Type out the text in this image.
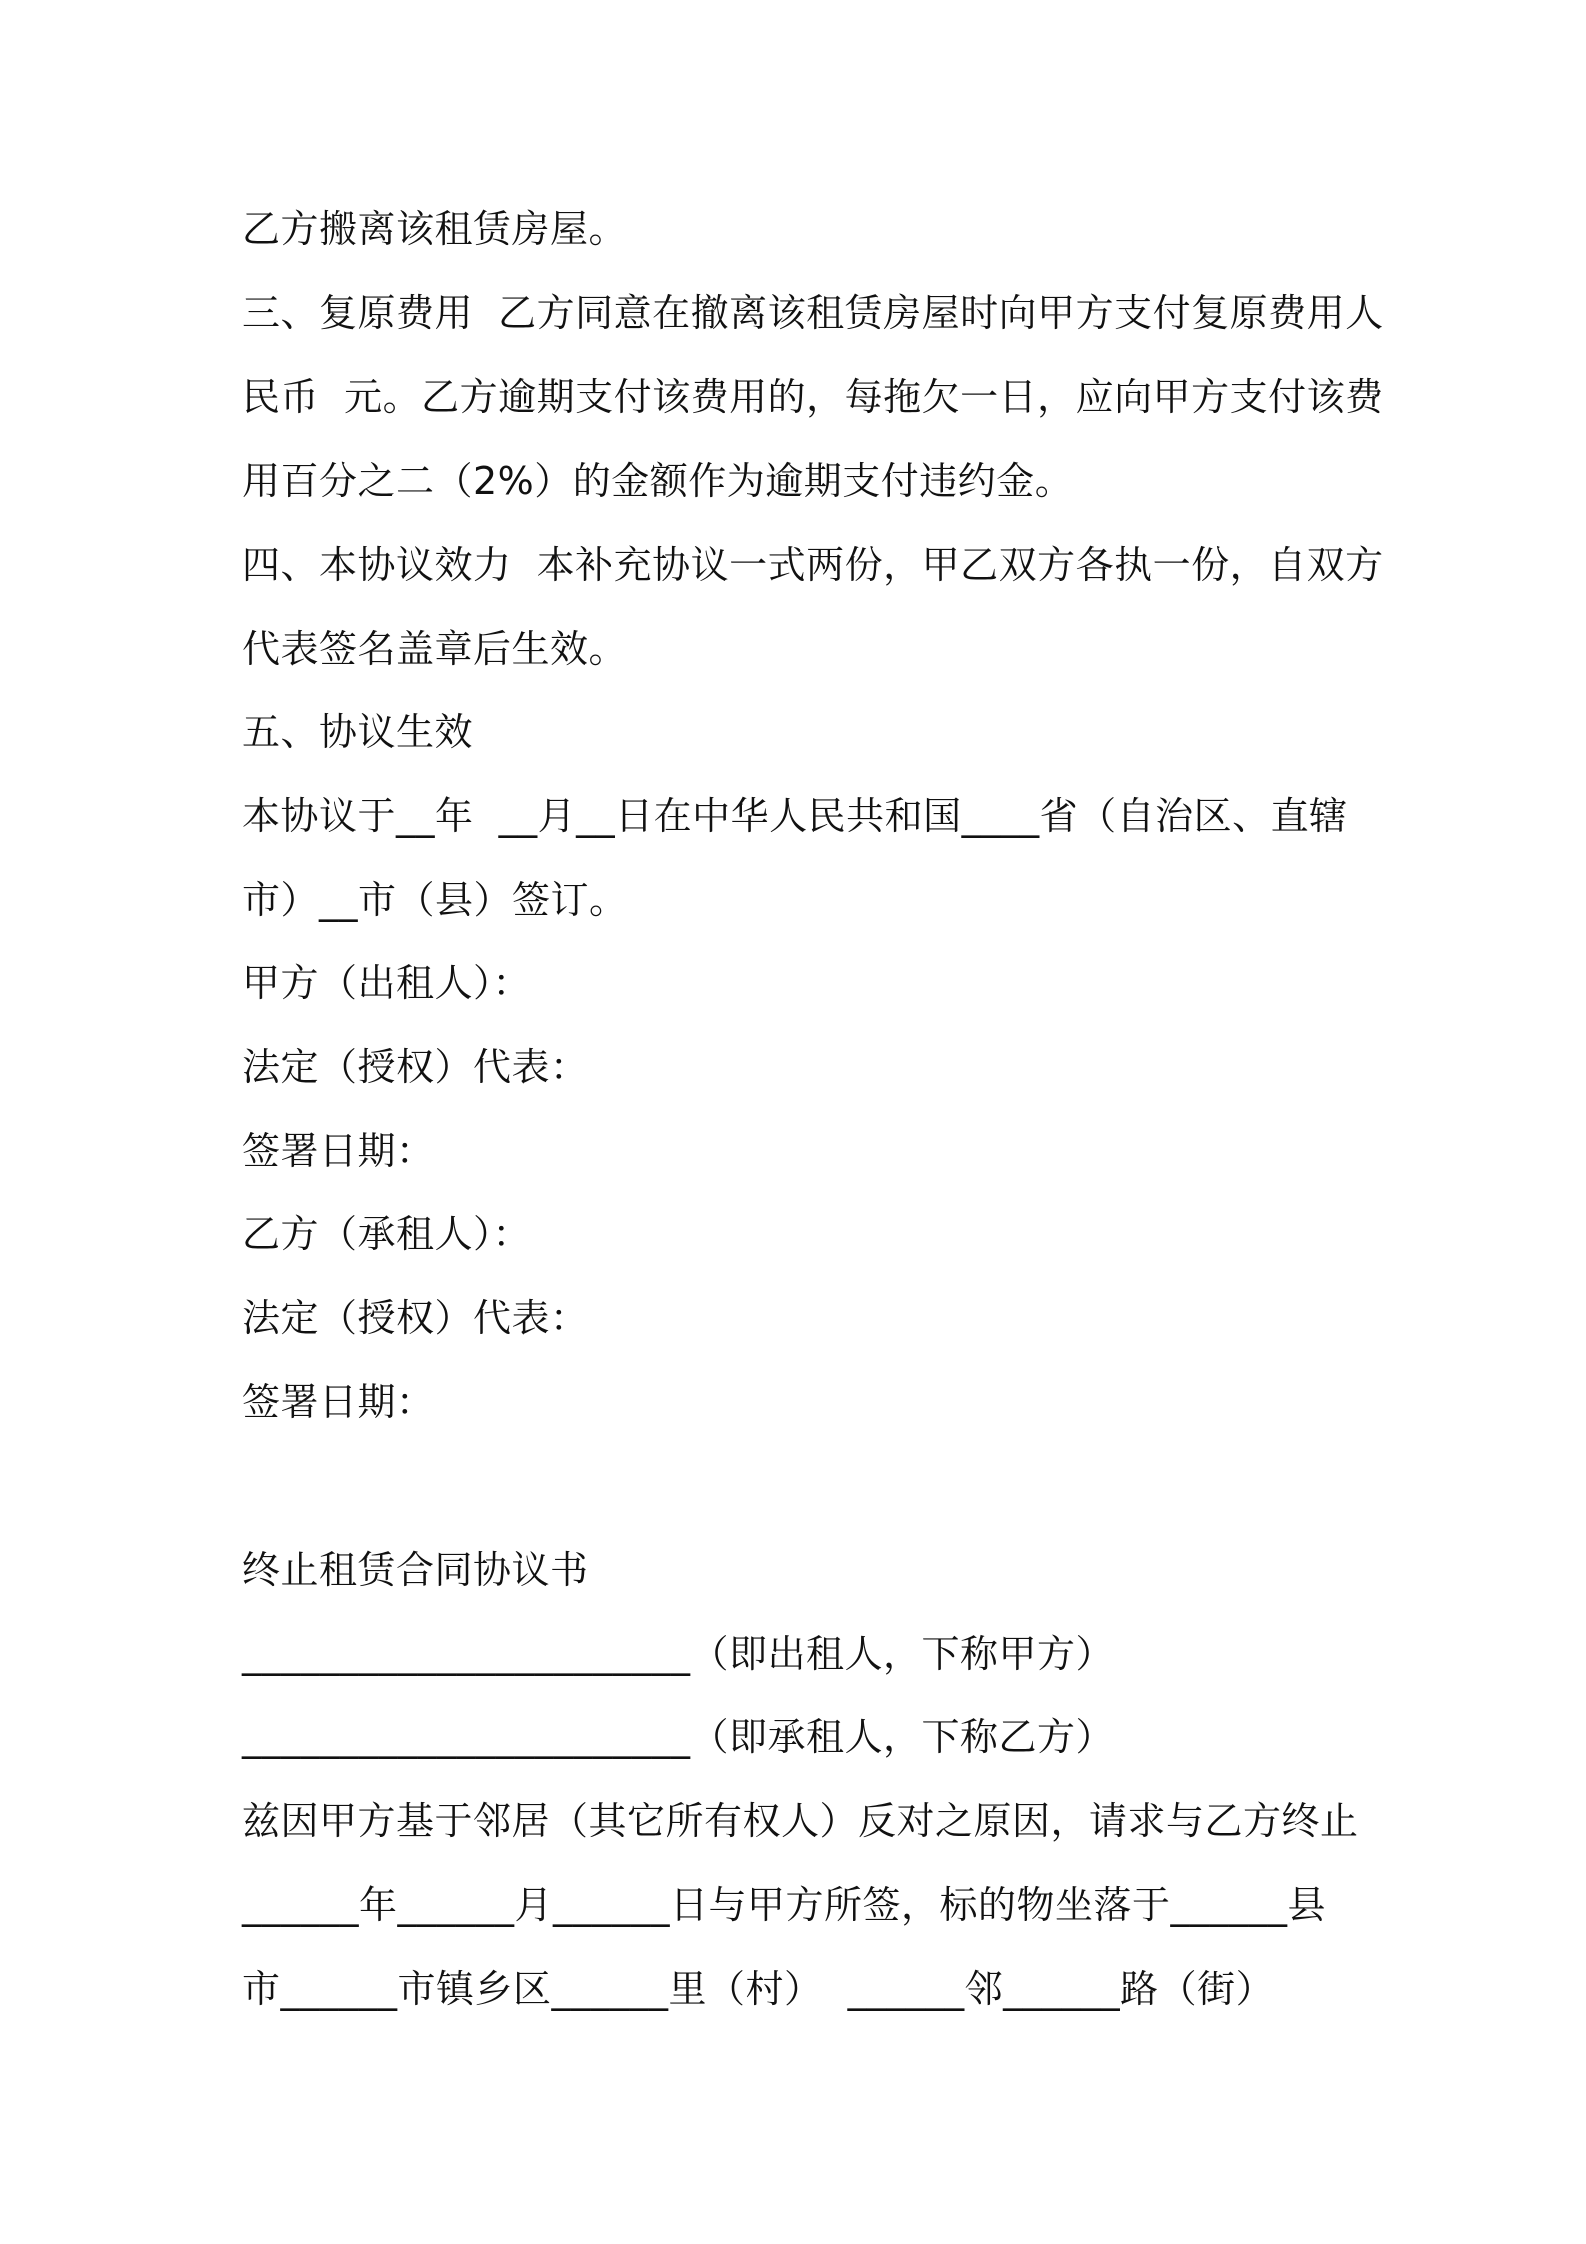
乙方搬离该租赁房屋。
三、复原费用  乙方同意在撤离该租赁房屋时向甲方支付复原费用人
民币  元。乙方逾期支付该费用的，每拖欠一日，应向甲方支付该费
用百分之二（2%）的金额作为逾期支付违约金。
四、本协议效力  本补充协议一式两份，甲乙双方各执一份，自双方
代表签名盖章后生效。
五、协议生效
本协议于__年  __月__日在中华人民共和国____省（自治区、直辖
市）__市（县）签订。
甲方（出租人）：
法定（授权）代表：
签署日期：
乙方（承租人）：
法定（授权）代表：
签署日期：
终止租赁合同协议书
_______________________（即出租人，下称甲方）
_______________________（即承租人，下称乙方）
兹因甲方基于邻居（其它所有权人）反对之原因，请求与乙方终止
______年______月______日与甲方所签，标的物坐落于______县
市______市镇乡区______里（村）  ______邻______路（街）
